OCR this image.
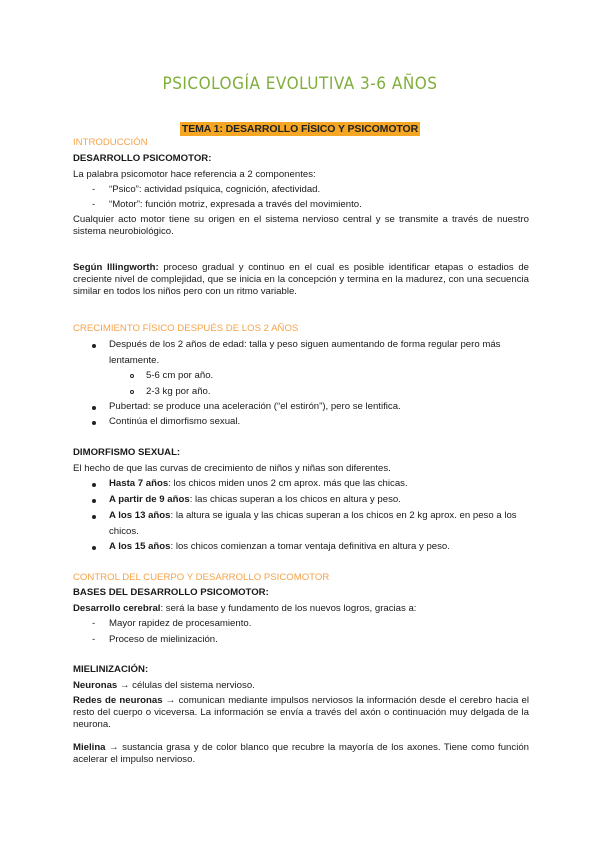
PSICOLOGÍA EVOLUTIVA 3-6 AÑOS
TEMA 1: DESARROLLO FÍSICO Y PSICOMOTOR
INTRODUCCIÓN
DESARROLLO PSICOMOTOR:
La palabra psicomotor hace referencia a 2 componentes:
- “Psico”: actividad psíquica, cognición, afectividad.
- “Motor”: función motriz, expresada a través del movimiento.
Cualquier acto motor tiene su origen en el sistema nervioso central y se transmite a través de nuestro sistema neurobiológico.
Según Illingworth: proceso gradual y continuo en el cual es posible identificar etapas o estadios de creciente nivel de complejidad, que se inicia en la concepción y termina en la madurez, con una secuencia similar en todos los niños pero con un ritmo variable.
CRECIMIENTO FÍSICO DESPUÉS DE LOS 2 AÑOS
Después de los 2 años de edad: talla y peso siguen aumentando de forma regular pero más
lentamente.
5-6 cm por año.
2-3 kg por año.
Pubertad: se produce una aceleración (“el estirón”), pero se lentifica.
Continúa el dimorfismo sexual.
DIMORFISMO SEXUAL:
El hecho de que las curvas de crecimiento de niños y niñas son diferentes.
Hasta 7 años: los chicos miden unos 2 cm aprox. más que las chicas.
A partir de 9 años: las chicas superan a los chicos en altura y peso.
A los 13 años: la altura se iguala y las chicas superan a los chicos en 2 kg aprox. en peso a los
chicos.
A los 15 años: los chicos comienzan a tomar ventaja definitiva en altura y peso.
CONTROL DEL CUERPO Y DESARROLLO PSICOMOTOR
BASES DEL DESARROLLO PSICOMOTOR:
Desarrollo cerebral: será la base y fundamento de los nuevos logros, gracias a:
- Mayor rapidez de procesamiento.
- Proceso de mielinización.
MIELINIZACIÓN:
Neuronas → células del sistema nervioso.
Redes de neuronas → comunican mediante impulsos nerviosos la información desde el cerebro hacia el resto del cuerpo o viceversa. La información se envía a través del axón o continuación muy delgada de la neurona.
Mielina → sustancia grasa y de color blanco que recubre la mayoría de los axones. Tiene como función acelerar el impulso nervioso.
